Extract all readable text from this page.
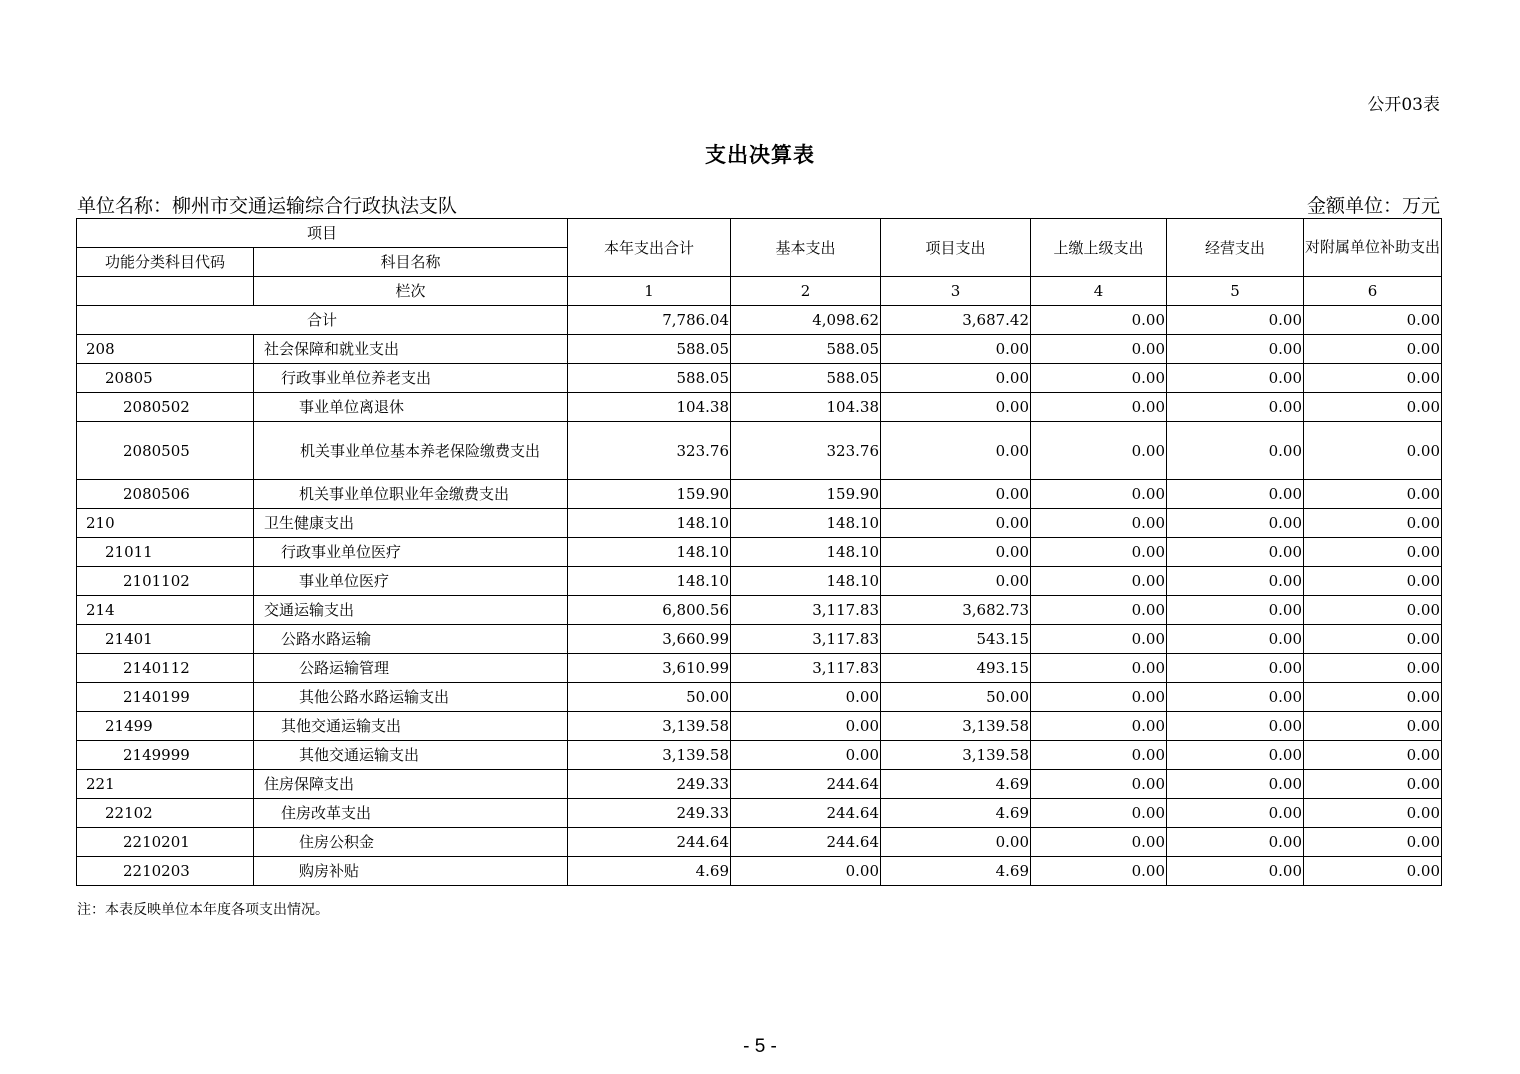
公开03表
支出决算表
单位名称：柳州市交通运输综合行政执法支队	金额单位：万元
项目		本年支出合计	基本支出	项目支出	上缴上级支出	经营支出	对附属单位补助支出
功能分类科目代码	科目名称						
	栏次	1	2	3	4	5	6
合计		7,786.04	4,098.62	3,687.42	0.00	0.00	0.00
208	社会保障和就业支出	588.05	588.05	0.00	0.00	0.00	0.00
20805	行政事业单位养老支出	588.05	588.05	0.00	0.00	0.00	0.00
2080502	事业单位离退休	104.38	104.38	0.00	0.00	0.00	0.00
2080505	机关事业单位基本养老保险缴费支出	323.76	323.76	0.00	0.00	0.00	0.00
2080506	机关事业单位职业年金缴费支出	159.90	159.90	0.00	0.00	0.00	0.00
210	卫生健康支出	148.10	148.10	0.00	0.00	0.00	0.00
21011	行政事业单位医疗	148.10	148.10	0.00	0.00	0.00	0.00
2101102	事业单位医疗	148.10	148.10	0.00	0.00	0.00	0.00
214	交通运输支出	6,800.56	3,117.83	3,682.73	0.00	0.00	0.00
21401	公路水路运输	3,660.99	3,117.83	543.15	0.00	0.00	0.00
2140112	公路运输管理	3,610.99	3,117.83	493.15	0.00	0.00	0.00
2140199	其他公路水路运输支出	50.00	0.00	50.00	0.00	0.00	0.00
21499	其他交通运输支出	3,139.58	0.00	3,139.58	0.00	0.00	0.00
2149999	其他交通运输支出	3,139.58	0.00	3,139.58	0.00	0.00	0.00
221	住房保障支出	249.33	244.64	4.69	0.00	0.00	0.00
22102	住房改革支出	249.33	244.64	4.69	0.00	0.00	0.00
2210201	住房公积金	244.64	244.64	0.00	0.00	0.00	0.00
2210203	购房补贴	4.69	0.00	4.69	0.00	0.00	0.00
注：本表反映单位本年度各项支出情况。
- 5 -
